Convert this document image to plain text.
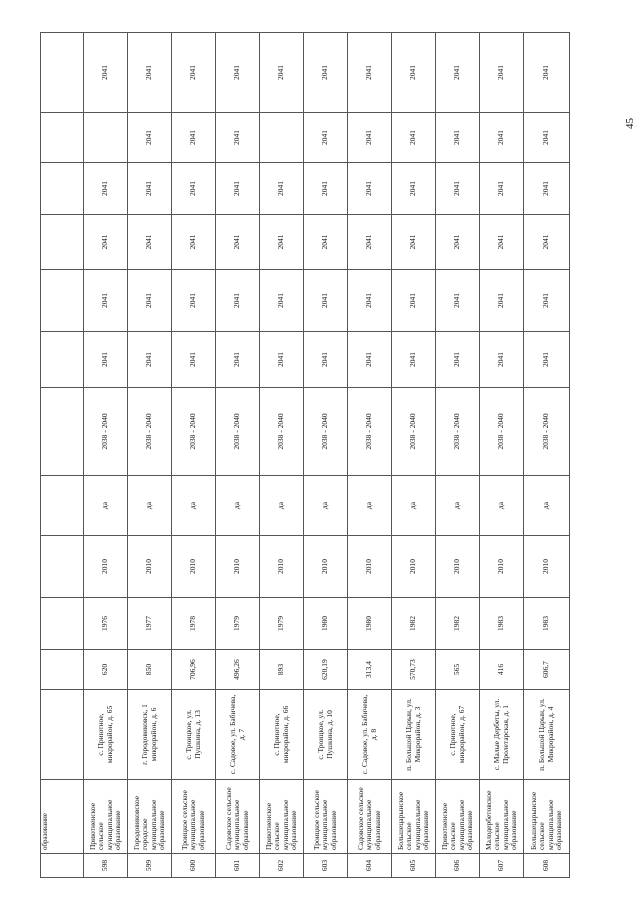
45
	образование												
598	Приютненское сельское муниципальное образование	с. Приютное, микрорайон, д. 65	620	1976	2010	да	2038 - 2040	2041	2041	2041	2041		2041
599	Городовиковское городское муниципальное образование	г. Городовиковск, 1 микрорайон, д. 6	850	1977	2010	да	2038 - 2040	2041	2041	2041	2041	2041	2041
600	Троицкое сельское муниципальное образование	с. Троицкое, ул. Пушкина, д. 13	706,96	1978	2010	да	2038 - 2040	2041	2041	2041	2041	2041	2041
601	Садовское сельское муниципальное образование	с. Садовое, ул. Бабичева, д. 7	496,26	1979	2010	да	2038 - 2040	2041	2041	2041	2041	2041	2041
602	Приютненское сельское муниципальное образование	с. Приютное, микрорайон, д. 66	893	1979	2010	да	2038 - 2040	2041	2041	2041	2041		2041
603	Троицкое сельское муниципальное образование	с. Троицкое, ул. Пушкина, д. 10	620,19	1980	2010	да	2038 - 2040	2041	2041	2041	2041	2041	2041
604	Садовское сельское муниципальное образование	с. Садовое, ул. Бабичева, д. 8	313,4	1980	2010	да	2038 - 2040	2041	2041	2041	2041	2041	2041
605	Большецарынское сельское муниципальное образование	п. Большой Царын, ул. Микрорайон, д. 3	570,73	1982	2010	да	2038 - 2040	2041	2041	2041	2041	2041	2041
606	Приютненское сельское муниципальное образование	с. Приютное, микрорайон, д. 67	565	1982	2010	да	2038 - 2040	2041	2041	2041	2041	2041	2041
607	Малодербетовское сельское муниципальное образование	с. Малые Дербеты, ул. Пролетарская, д. 1	416	1983	2010	да	2038 - 2040	2041	2041	2041	2041	2041	2041
608	Большецарынское сельское муниципальное образование	п. Большой Царын, ул. Микрорайон, д. 4	606,7	1983	2010	да	2038 - 2040	2041	2041	2041	2041	2041	2041
